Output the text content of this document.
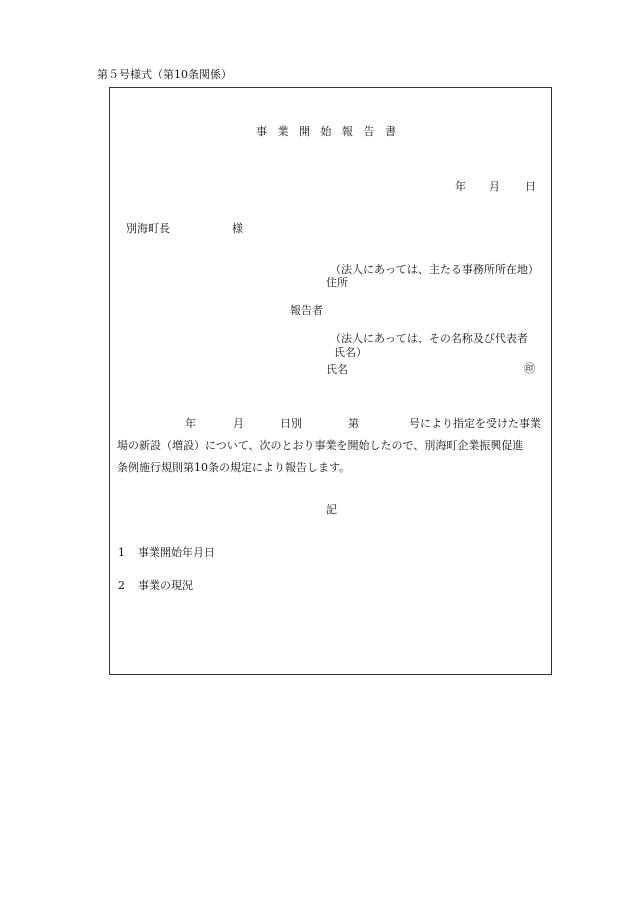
第５号様式（第10条関係）
事 業 開 始 報 告 書
年 月 日
別海町長	様
（法人にあっては、主たる事務所所在地）
住所
報告者
（法人にあっては、その名称及び代表者
氏名）
氏名	㊞
年	月	日別	第	号により指定を受けた事業
場の新設（増設）について、次のとおり事業を開始したので、別海町企業振興促進
条例施行規則第10条の規定により報告します。
記
1 事業開始年月日
2 事業の現況
